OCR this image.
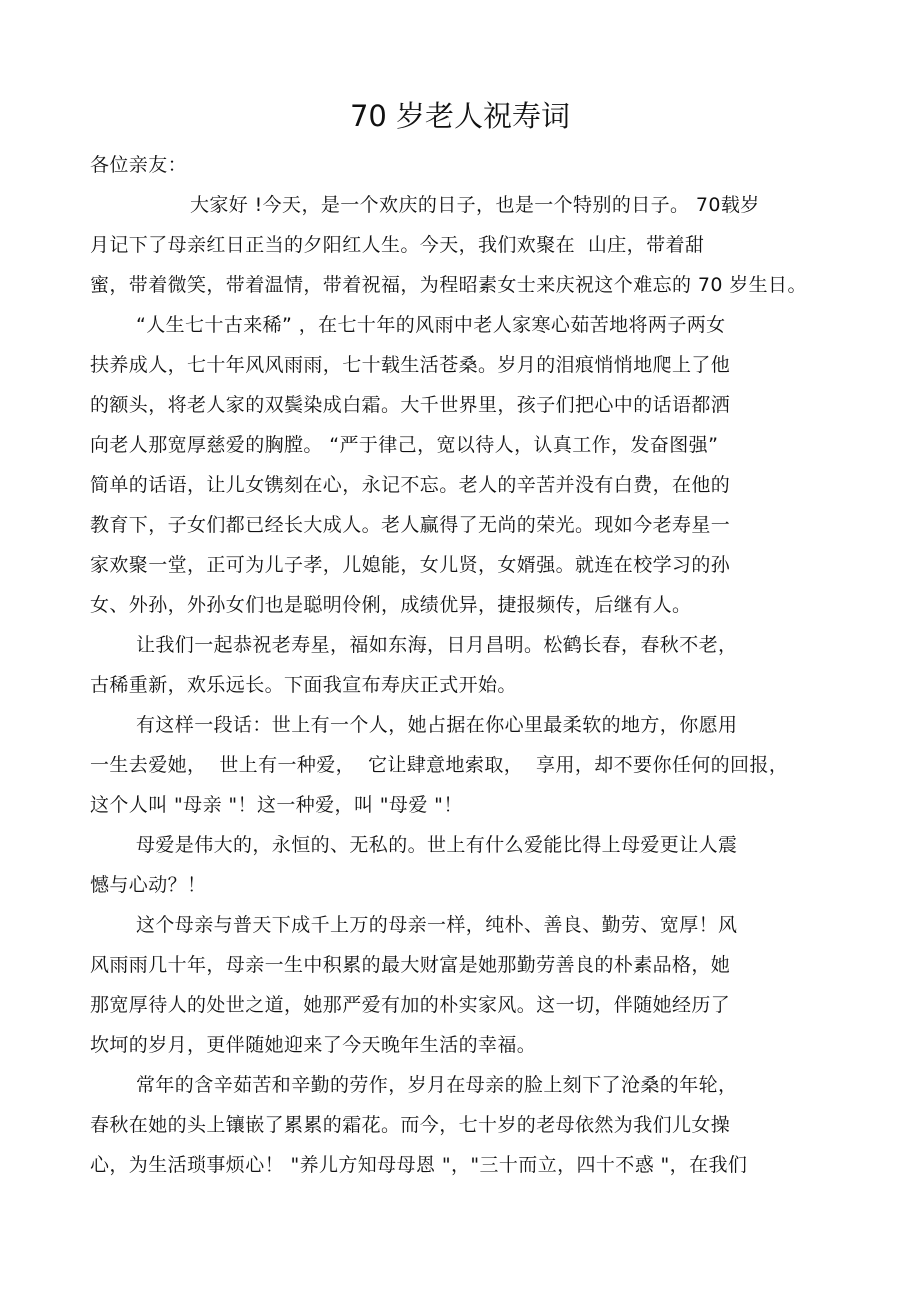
70 岁老人祝寿词
各位亲友：
大家好 !今天，是一个欢庆的日子，也是一个特别的日子。 70载岁
月记下了母亲红日正当的夕阳红人生。今天，我们欢聚在  山庄，带着甜
蜜，带着微笑，带着温情，带着祝福，为程昭素女士来庆祝这个难忘的 70 岁生日。
“人生七十古来稀” ，在七十年的风雨中老人家寒心茹苦地将两子两女
扶养成人，七十年风风雨雨，七十载生活苍桑。岁月的泪痕悄悄地爬上了他
的额头，将老人家的双鬓染成白霜。大千世界里，孩子们把心中的话语都洒
向老人那宽厚慈爱的胸膛。 “严于律己，宽以待人，认真工作，发奋图强”
简单的话语，让儿女镌刻在心，永记不忘。老人的辛苦并没有白费，在他的
教育下，子女们都已经长大成人。老人赢得了无尚的荣光。现如今老寿星一
家欢聚一堂，正可为儿子孝，儿媳能，女儿贤，女婿强。就连在校学习的孙
女、外孙，外孙女们也是聪明伶俐，成绩优异，捷报频传，后继有人。
让我们一起恭祝老寿星，福如东海，日月昌明。松鹤长春，春秋不老，
古稀重新，欢乐远长。下面我宣布寿庆正式开始。
有这样一段话：世上有一个人，她占据在你心里最柔软的地方，你愿用
一生去爱她，  世上有一种爱，  它让肆意地索取，  享用，却不要你任何的回报，
这个人叫 "母亲 "！这一种爱，叫 "母爱 "！
母爱是伟大的，永恒的、无私的。世上有什么爱能比得上母爱更让人震
憾与心动？！
这个母亲与普天下成千上万的母亲一样，纯朴、善良、勤劳、宽厚！风
风雨雨几十年，母亲一生中积累的最大财富是她那勤劳善良的朴素品格，她
那宽厚待人的处世之道，她那严爱有加的朴实家风。这一切，伴随她经历了
坎坷的岁月，更伴随她迎来了今天晚年生活的幸福。
常年的含辛茹苦和辛勤的劳作，岁月在母亲的脸上刻下了沧桑的年轮，
春秋在她的头上镶嵌了累累的霜花。而今，七十岁的老母依然为我们儿女操
心，为生活琐事烦心！ "养儿方知母母恩 "，"三十而立，四十不惑 "，在我们
